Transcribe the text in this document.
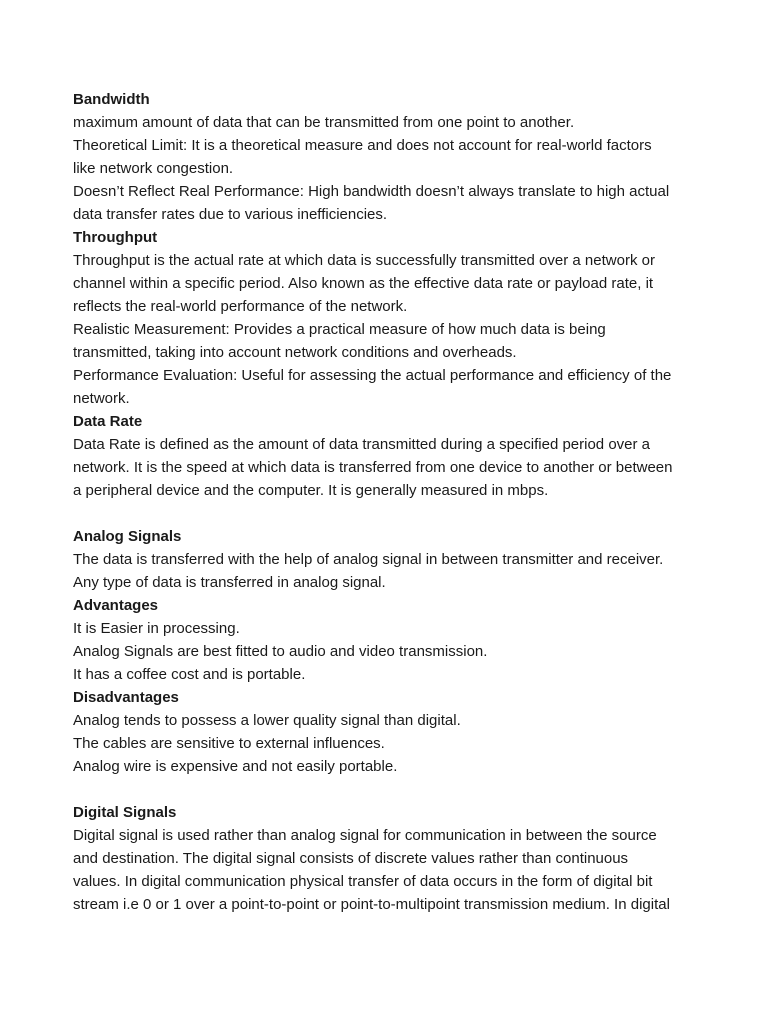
Bandwidth
maximum amount of data that can be transmitted from one point to another.
Theoretical Limit: It is a theoretical measure and does not account for real-world factors
like network congestion.
Doesn’t Reflect Real Performance: High bandwidth doesn’t always translate to high actual
data transfer rates due to various inefficiencies.
Throughput
Throughput is the actual rate at which data is successfully transmitted over a network or
channel within a specific period. Also known as the effective data rate or payload rate, it
reflects the real-world performance of the network.
Realistic Measurement: Provides a practical measure of how much data is being
transmitted, taking into account network conditions and overheads.
Performance Evaluation: Useful for assessing the actual performance and efficiency of the
network.
Data Rate
Data Rate is defined as the amount of data transmitted during a specified period over a
network. It is the speed at which data is transferred from one device to another or between
a peripheral device and the computer. It is generally measured in mbps.
Analog Signals
The data is transferred with the help of analog signal in between transmitter and receiver.
Any type of data is transferred in analog signal.
Advantages
It is Easier in processing.
Analog Signals are best fitted to audio and video transmission.
It has a coffee cost and is portable.
Disadvantages
Analog tends to possess a lower quality signal than digital.
The cables are sensitive to external influences.
Analog wire is expensive and not easily portable.
Digital Signals
Digital signal is used rather than analog signal for communication in between the source
and destination. The digital signal consists of discrete values rather than continuous
values. In digital communication physical transfer of data occurs in the form of digital bit
stream i.e 0 or 1 over a point-to-point or point-to-multipoint transmission medium. In digital
